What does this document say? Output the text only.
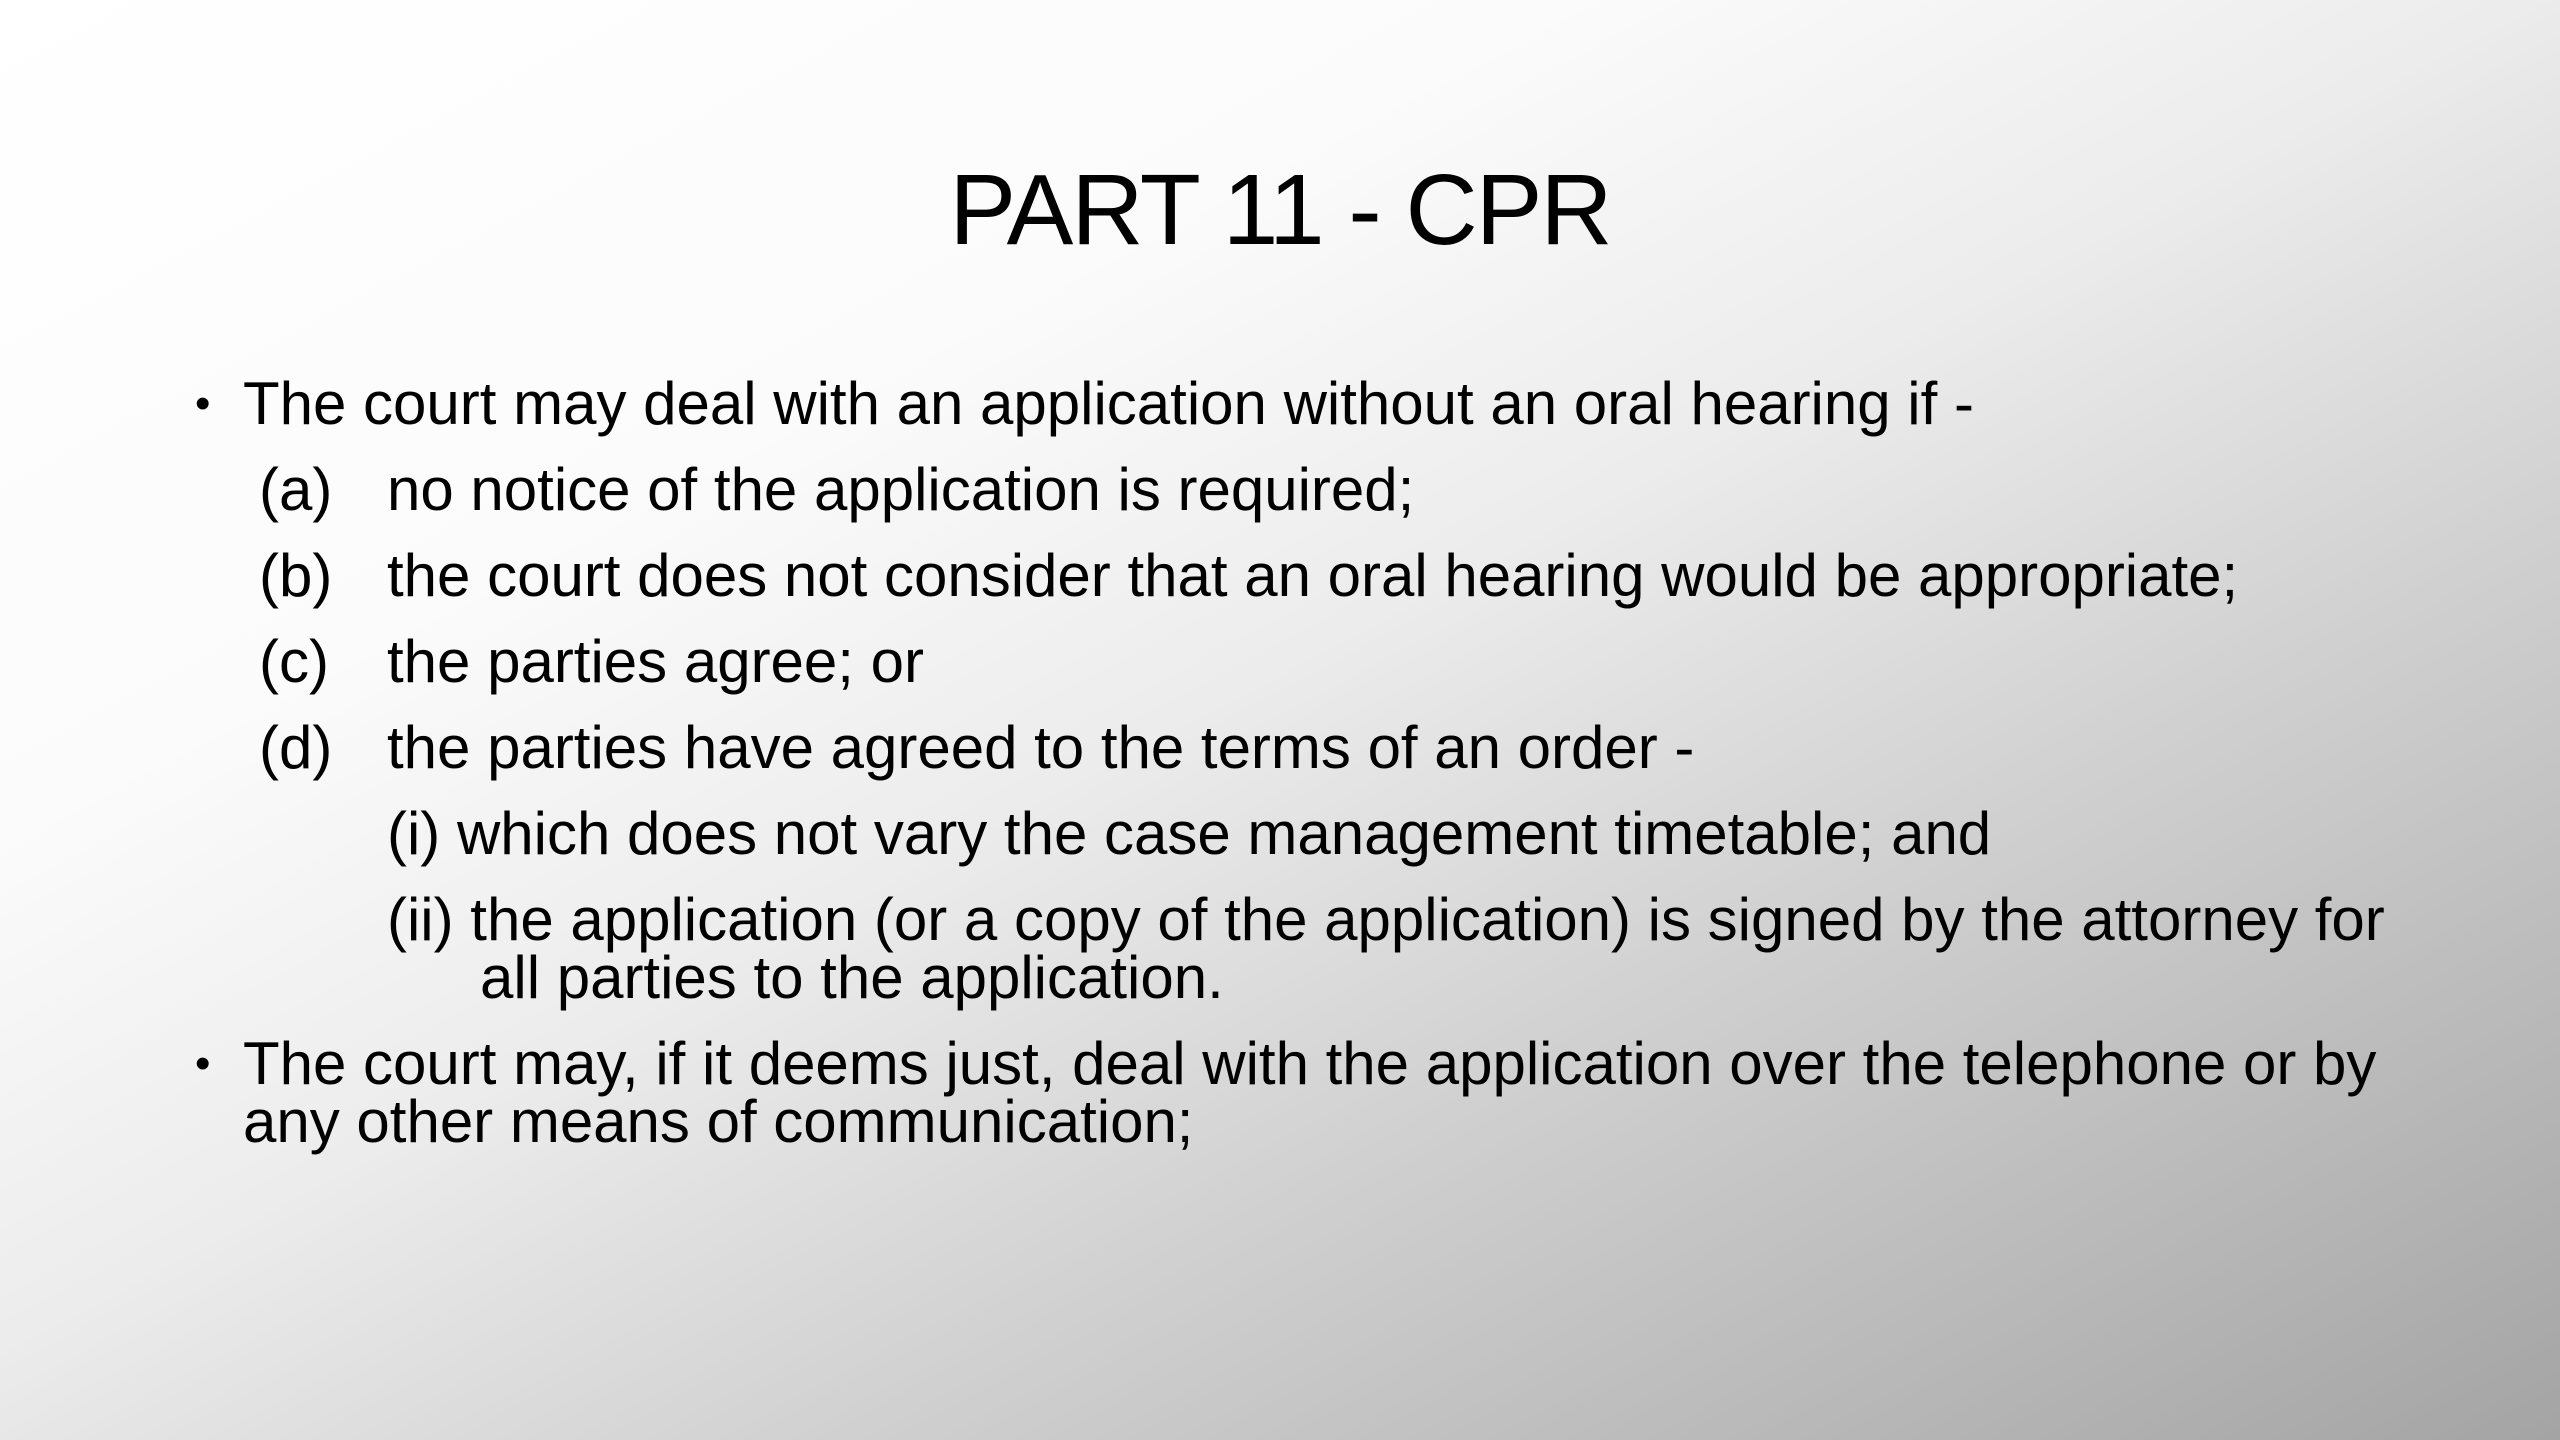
PART 11 - CPR
• The court may deal with an application without an oral hearing if -
(a) no notice of the application is required;
(b) the court does not consider that an oral hearing would be appropriate;
(c) the parties agree; or
(d) the parties have agreed to the terms of an order -
(i) which does not vary the case management timetable; and
(ii) the application (or a copy of the application) is signed by the attorney for all parties to the application.
• The court may, if it deems just, deal with the application over the telephone or by any other means of communication;
